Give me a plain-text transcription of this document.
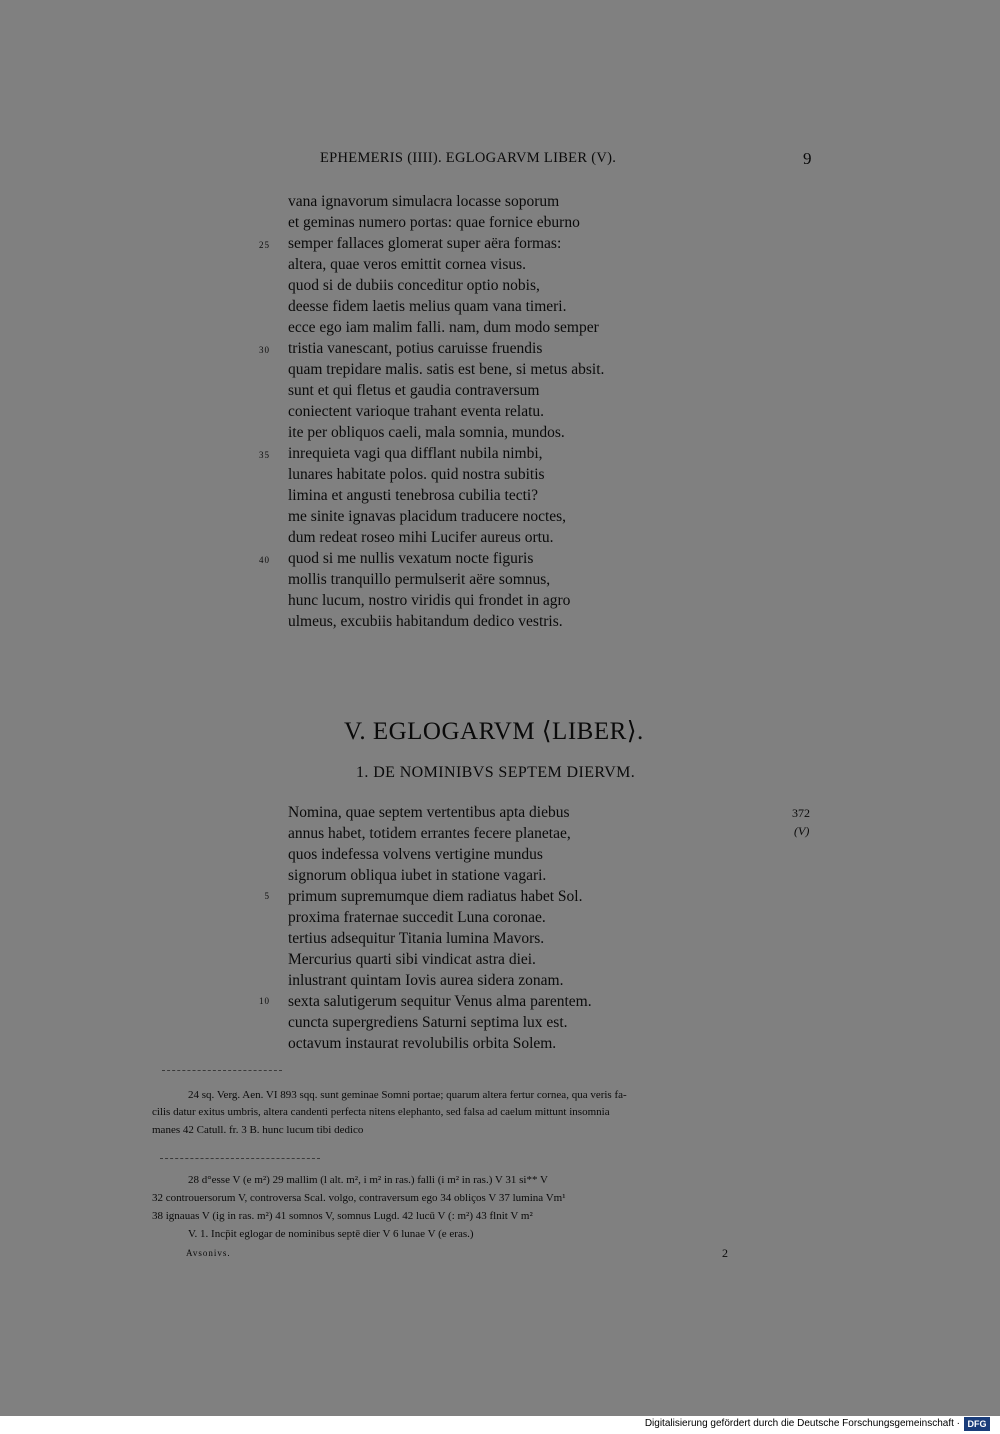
EPHEMERIS (IIII). EGLOGARVM LIBER (V).	9
vana ignavorum simulacra locasse soporum
et geminas numero portas: quae fornice eburno
semper fallaces glomerat super aëra formas:
altera, quae veros emittit cornea visus.
quod si de dubiis conceditur optio nobis,
deesse fidem laetis melius quam vana timeri.
ecce ego iam malim falli. nam, dum modo semper
tristia vanescant, potius caruisse fruendis
quam trepidare malis. satis est bene, si metus absit.
sunt et qui fletus et gaudia contraversum
coniectent varioque trahant eventa relatu.
ite per obliquos caeli, mala somnia, mundos.
inrequieta vagi qua difflant nubila nimbi,
lunares habitate polos. quid nostra subitis
limina et angusti tenebrosa cubilia tecti?
me sinite ignavas placidum traducere noctes,
dum redeat roseo mihi Lucifer aureus ortu.
quod si me nullis vexatum nocte figuris
mollis tranquillo permulserit aëre somnus,
hunc lucum, nostro viridis qui frondet in agro
ulmeus, excubiis habitandum dedico vestris.
25
30
35
40
V. EGLOGARVM ⟨LIBER⟩.
1. DE NOMINIBVS SEPTEM DIERVM.
Nomina, quae septem vertentibus apta diebus
annus habet, totidem errantes fecere planetae,
quos indefessa volvens vertigine mundus
signorum obliqua iubet in statione vagari.
primum supremumque diem radiatus habet Sol.
proxima fraternae succedit Luna coronae.
tertius adsequitur Titania lumina Mavors.
Mercurius quarti sibi vindicat astra diei.
inlustrant quintam Iovis aurea sidera zonam.
sexta salutigerum sequitur Venus alma parentem.
cuncta supergrediens Saturni septima lux est.
octavum instaurat revolubilis orbita Solem.
5
10
372
(V)
24 sq. Verg. Aen. VI 893 sqq. sunt geminae Somni portae; quarum altera fertur cornea, qua veris fa-
cilis datur exitus umbris, altera candenti perfecta nitens elephanto, sed falsa ad caelum mittunt insomnia
manes 42 Catull. fr. 3 B. hunc lucum tibi dedico
28 d°esse V (e m²) 29 mallim (l alt. m², i m² in ras.) falli (i m² in ras.) V 31 si** V
32 controuersorum V, controversa Scal. volgo, contraversum ego 34 obliços V 37 lumina Vm¹
38 ignauas V (ig in ras. m²) 41 somnos V, somnus Lugd. 42 lucū V (: m²) 43 flnit V m²
V. 1. Incp̄it eglogar de nominibus septē dier V 6 lunae V (e eras.)
Avsonivs.	2
Digitalisierung gefördert durch die Deutsche Forschungsgemeinschaft · DFG
